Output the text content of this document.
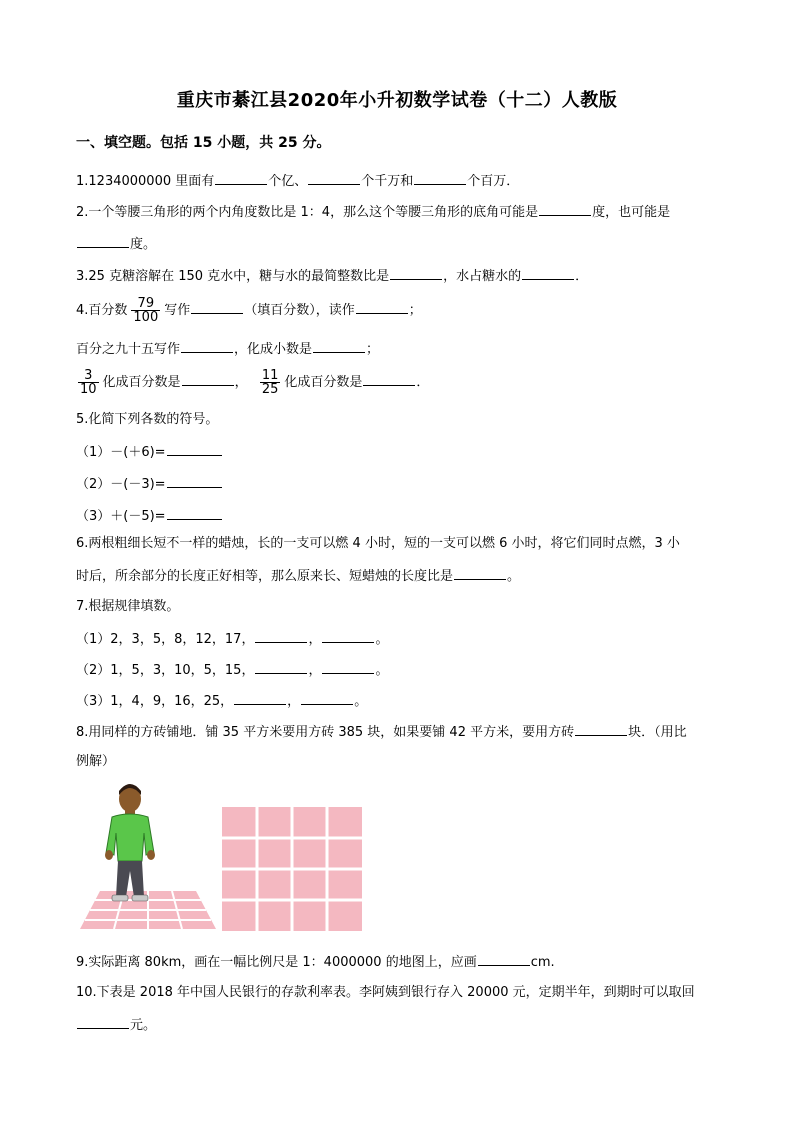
重庆市綦江县2020年小升初数学试卷（十二）人教版
一、填空题。包括 15 小题，共 25 分。
1.1234000000 里面有	个亿、	个千万和	个百万．
2.一个等腰三角形的两个内角度数比是 1：4，那么这个等腰三角形的底角可能是	度，也可能是
度。
3.25 克糖溶解在 150 克水中，糖与水的最简整数比是	，水占糖水的	．
4.百分数 $\frac{79}{100}$ 写作	（填百分数），读作	；
百分之九十五写作	，化成小数是	；
$\frac{3}{10}$ 化成百分数是	， $\frac{11}{25}$ 化成百分数是	．
5.化简下列各数的符号。
（1）－(＋6)=
（2）－(－3)=
（3）＋(－5)=
6.两根粗细长短不一样的蜡烛，长的一支可以燃 4 小时，短的一支可以燃 6 小时，将它们同时点燃，3 小
时后，所余部分的长度正好相等，那么原来长、短蜡烛的长度比是	。
7.根据规律填数。
（1）2，3，5，8，12，17，	，	。
（2）1，5，3，10，5，15，	，	。
（3）1，4，9，16，25，	，	。
8.用同样的方砖铺地．铺 35 平方米要用方砖 385 块，如果要铺 42 平方米，要用方砖	块．（用比
例解）
9.实际距离 80km，画在一幅比例尺是 1：4000000 的地图上，应画	cm.
10.下表是 2018 年中国人民银行的存款利率表。李阿姨到银行存入 20000 元，定期半年，到期时可以取回
元。
